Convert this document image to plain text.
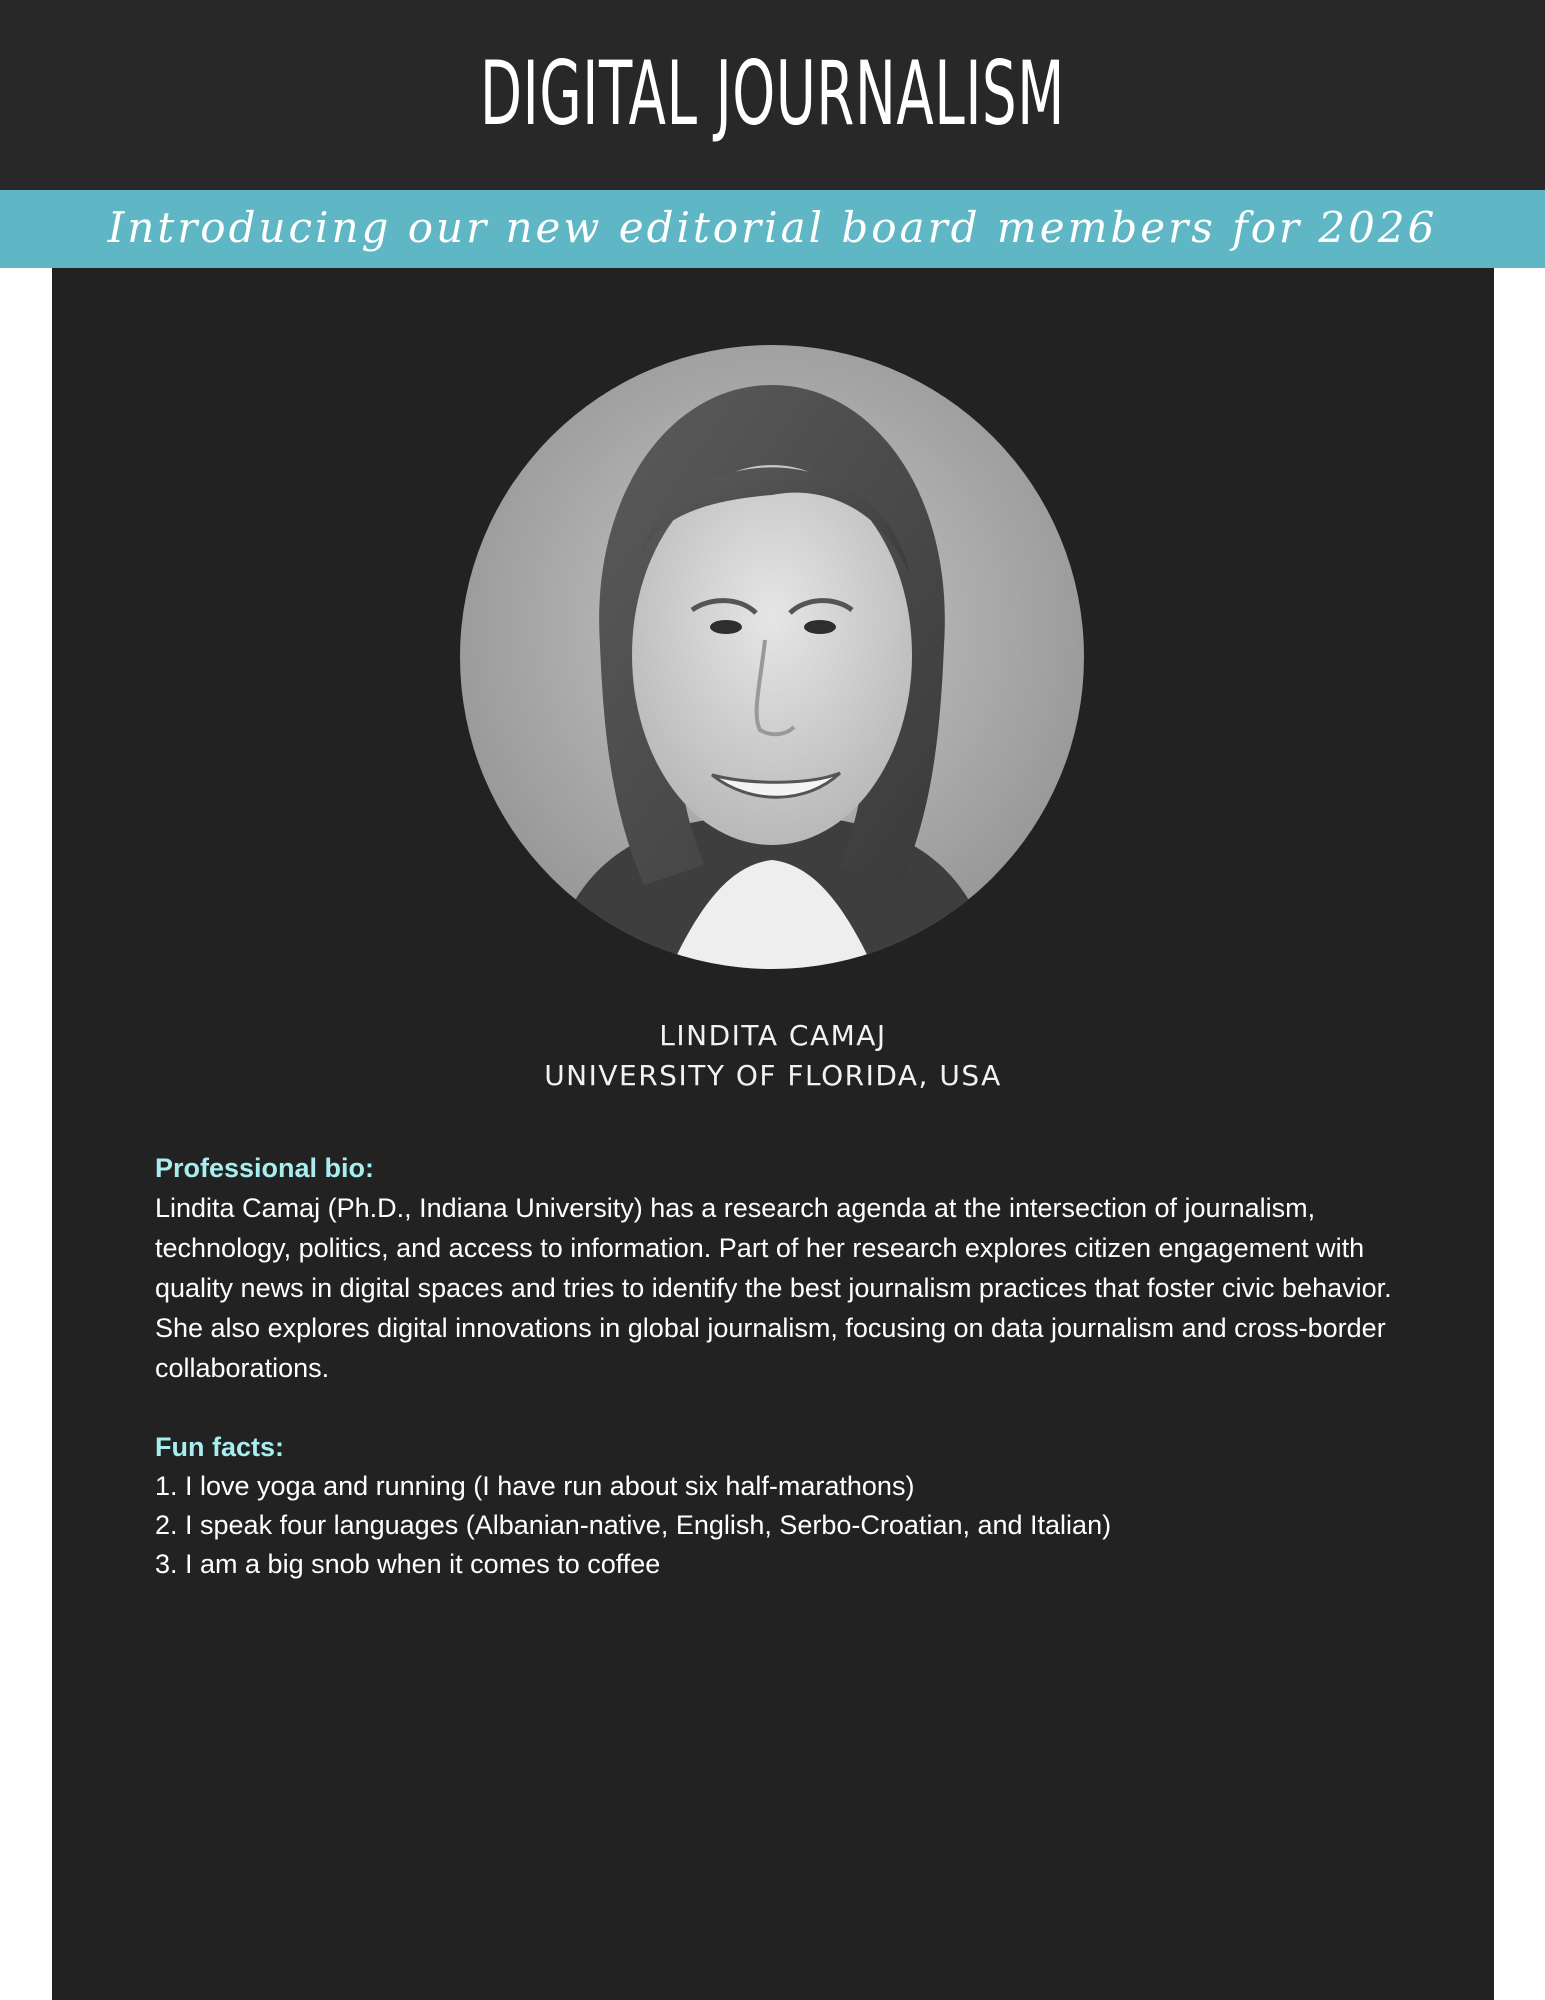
DIGITAL JOURNALISM
Introducing our new editorial board members for 2026
LINDITA CAMAJ
UNIVERSITY OF FLORIDA, USA

Professional bio:

Lindita Camaj (Ph.D., Indiana University) has a research agenda at the intersection of journalism, technology, politics, and access to information. Part of her research explores citizen engagement with quality news in digital spaces and tries to identify the best journalism practices that foster civic behavior. She also explores digital innovations in global journalism, focusing on data journalism and cross-border collaborations.

Fun facts:

1. I love yoga and running (I have run about six half-marathons)
2. I speak four languages (Albanian-native, English, Serbo-Croatian, and Italian)
3. I am a big snob when it comes to coffee
